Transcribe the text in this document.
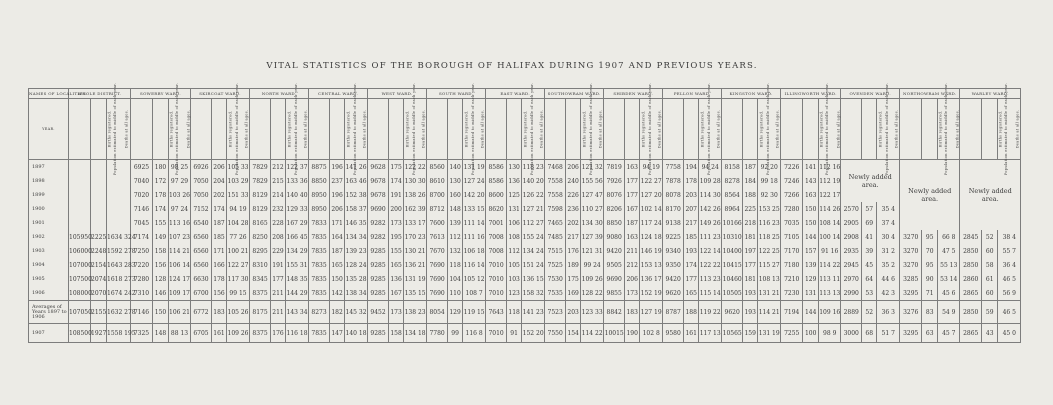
VITAL STATISTICS OF THE BOROUGH OF HALIFAX DURING 1907 AND PREVIOUS YEARS.
NAMES OF LOCALITIES.	WHOLE DISTRICT.			SOWERBY WARD.			SKIRCOAT WARD.			NORTH WARD.			CENTRAL WARD.			WEST WARD.			SOUTH WARD.			EAST WARD.			SOUTHOWRAM WARD.			SHIBDEN WARD.			PELLON WARD.			KINGSTON WARD.			ILLINGWORTH WARD.			OVENDEN WARD.			NORTHOWRAM WARD.			WARLEY WARD.			
YEAR.	Population estimated to middle of each year.	Births registered.	Deaths at all ages.	Population estimated to middle of each year.	Births registered.	Deaths at all ages.	Population estimated to middle of each year.	Births registered.	Deaths at all ages.	Population estimated to middle of each year.	Births registered.	Deaths at all ages.	Population estimated to middle of each year.	Births registered.	Deaths at all ages.	Population estimated to middle of each year.	Births registered.	Deaths at all ages.	Population estimated to middle of each year.	Births registered.	Deaths at all ages.	Population estimated to middle of each year.	Births registered.	Deaths at all ages.	Population estimated to middle of each year.	Births registered.	Deaths at all ages.	Population estimated to middle of each year.	Births registered.	Deaths at all ages.	Population estimated to middle of each year.	Births registered.	Deaths at all ages.	Population estimated to middle of each year.	Births registered.	Deaths at all ages.	Population estimated to middle of each year.	Births registered.	Deaths at all ages.	Population estimated to middle of each year.	Births registered.	Deaths at all ages.	Population estimated to middle of each year.	Births registered.	Deaths at all ages.	Population estimated to middle of each year.	Births registered.	Deaths at all ages.	
1897				6925	180	98 25	6926	206	105 33	7829	212	122 37	8875	196	141 26	9628	175	122 22	8560	140	131 19	8586	130	118 23	7468	206	121 32	7819	163	94 19	7758	194	94 24	8158	187	92 20	7226	141	112 16	Newly added area.			Newly added area.			Newly added area.			
1898				7040	172	97 29	7050	204	103 29	7829	215	133 36	8850	237	163 46	9678	174	130 30	8610	130	127 24	8586	136	140 20	7558	240	155 56	7926	177	122 27	7878	178	109 28	8278	184	99 18	7246	143	112 19										
1899				7020	178	103 26	7050	202	151 33	8129	214	140 40	8950	196	152 38	9678	191	138 26	8700	160	142 20	8600	125	126 22	7558	226	127 47	8076	177	127 20	8078	203	114 30	8564	188	92 30	7266	163	122 17										
1900				7146	174	97 24	7152	174	94 19	8129	232	129 33	8950	206	158 37	9690	200	162 39	8712	148	133 15	8620	131	127 21	7598	236	110 27	8206	167	102 14	8170	207	142 26	8964	225	153 25	7280	150	114 26	2570	57	35 4							
1901				7045	155	113 16	6540	187	104 28	8165	228	167 29	7833	171	146 35	9282	173	133 17	7600	139	111 14	7001	106	112 27	7465	202	134 30	8850	187	117 24	9138	217	149 26	10166	218	116 23	7035	150	108 14	2905	69	37 4						
1902	105950	2225	1634 324	7174	149	107 23	6560	185	77 26	8250	208	166 45	7835	164	134 34	9282	195	170 23	7613	112	111 16	7008	108	155 24	7485	217	127 39	9080	163	124 18	9225	185	111 23	10310	181	118 25	7105	144	100 14	2908	41	30 4	3270	95	66 8	2845	52	38 4	
1903	106000	2248	1592 278	7250	158	114 21	6560	171	100 21	8295	229	134 29	7835	187	139 23	9285	155	130 21	7670	132	106 18	7008	112	134 24	7515	176	121 31	9420	211	146 19	9340	193	122 14	10400	197	122 25	7170	157	91 16	2935	39	31 2	3270	70	47 5	2850	60	55 7	
1904	107000	2154	1643 283	7220	156	106 14	6560	166	122 27	8310	191	155 31	7835	165	128 24	9285	165	136 21	7690	118	116 14	7010	105	151 24	7525	189	99 24	9505	212	153 13	9350	174	122 22	10415	177	115 27	7180	139	114 22	2945	45	35 2	3270	95	55 13	2850	58	36 4	
1905	107500	2074	1618 273	7280	128	124 17	6630	178	117 30	8345	177	148 35	7835	150	135 28	9285	136	131 19	7690	104	105 12	7010	103	136 15	7530	175	109 26	9690	206	136 17	9420	177	113 23	10460	181	108 13	7210	129	113 11	2970	64	44 6	3285	90	53 14	2860	61	46 5	
1906	108000	2070	1674 242	7310	146	109 17	6700	156	99 15	8375	211	144 29	7835	142	138 34	9285	167	135 15	7690	110	108 7	7010	123	158 32	7535	169	128 22	9855	173	152 19	9620	165	115 14	10505	193	131 21	7230	131	113 13	2990	53	42 3	3295	71	45 6	2865	60	56 9	
Averages of Years 1897 to 1906	107050	2155	1632 278	7146	150	106 21	6772	183	105 26	8175	211	143 34	8273	182	145 32	9452	173	138 23	8054	129	119 15	7643	118	141 23	7523	203	123 33	8842	183	127 19	8787	188	119 22	9620	193	114 21	7194	144	109 16	2889	52	36 3	3276	83	54 9	2850	59	46 5	
1907	108500	1927	1558 195	7325	148	88 13	6705	161	109 26	8375	176	116 18	7835	147	140 18	9285	158	134 18	7780	99	116 8	7010	91	152 20	7550	154	114 22	10015	190	102 8	9580	161	117 13	10565	159	131 19	7255	100	98 9	3000	68	51 7	3295	63	45 7	2865	43	45 0	
